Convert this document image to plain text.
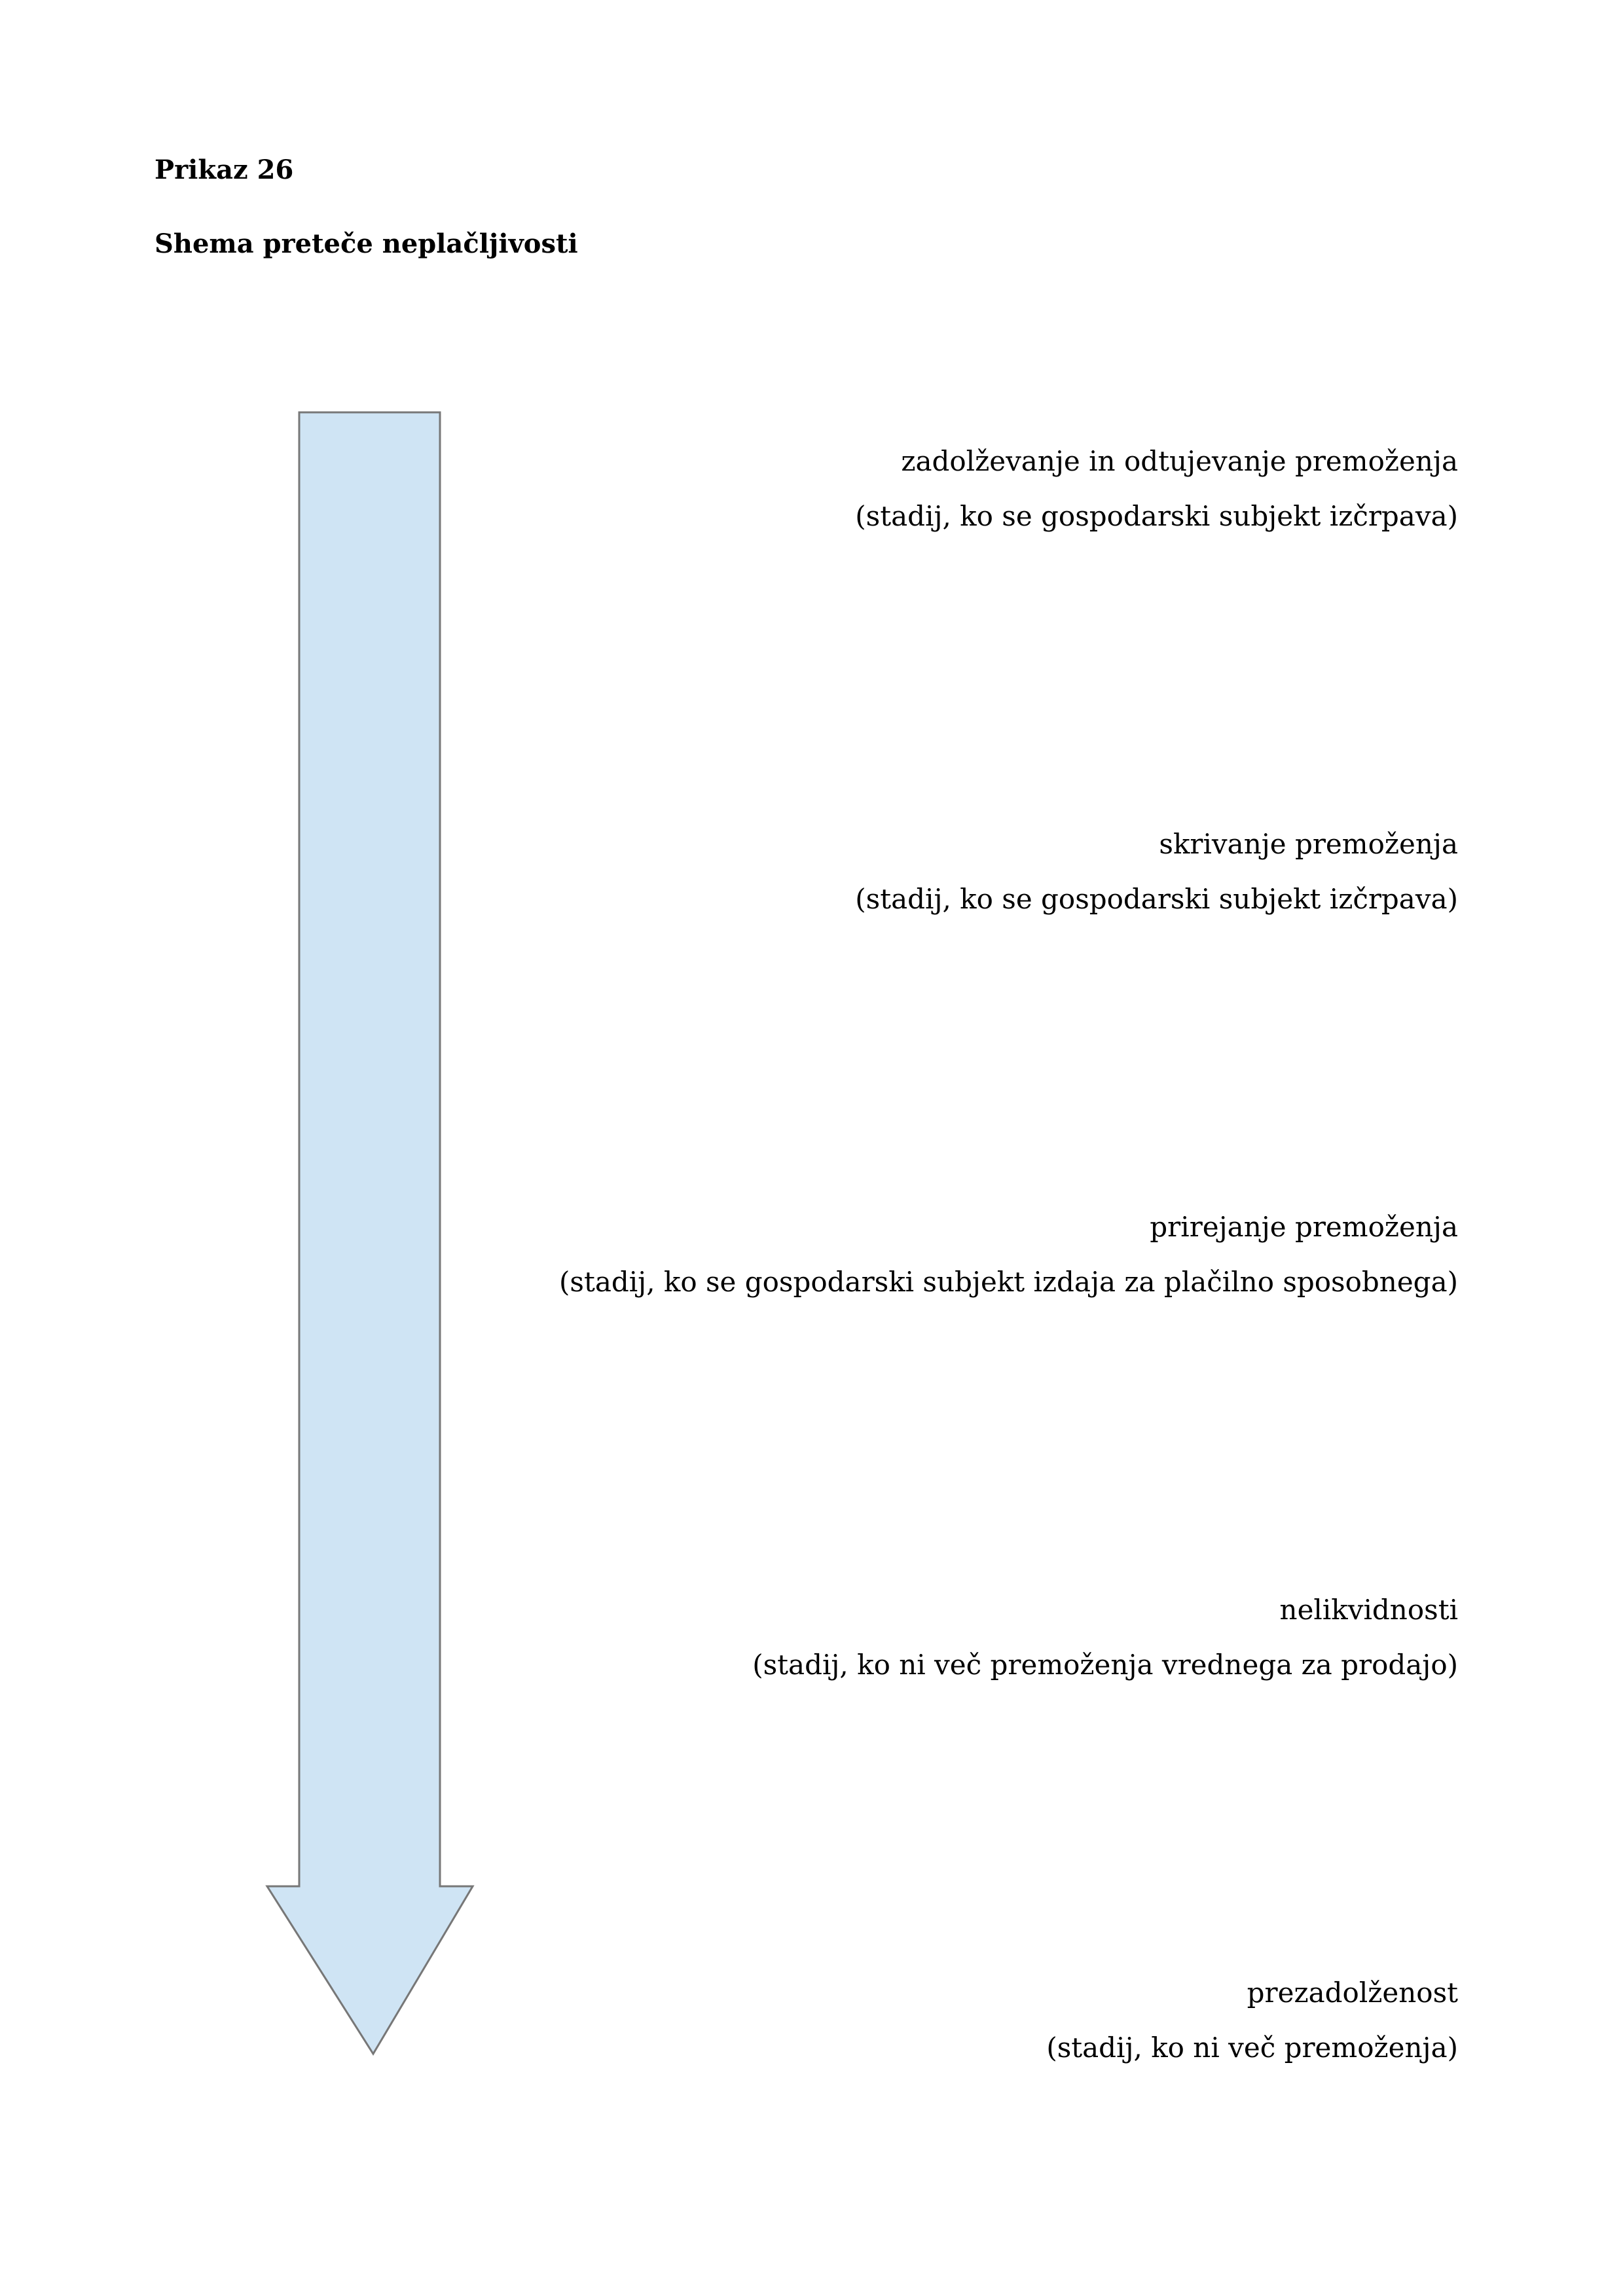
Prikaz 26
Shema preteče neplačljivosti
zadolževanje in odtujevanje premoženja
(stadij, ko se gospodarski subjekt izčrpava)
skrivanje premoženja
(stadij, ko se gospodarski subjekt izčrpava)
prirejanje premoženja
(stadij, ko se gospodarski subjekt izdaja za plačilno sposobnega)
nelikvidnosti
(stadij, ko ni več premoženja vrednega za prodajo)
prezadolženost
(stadij, ko ni več premoženja)
